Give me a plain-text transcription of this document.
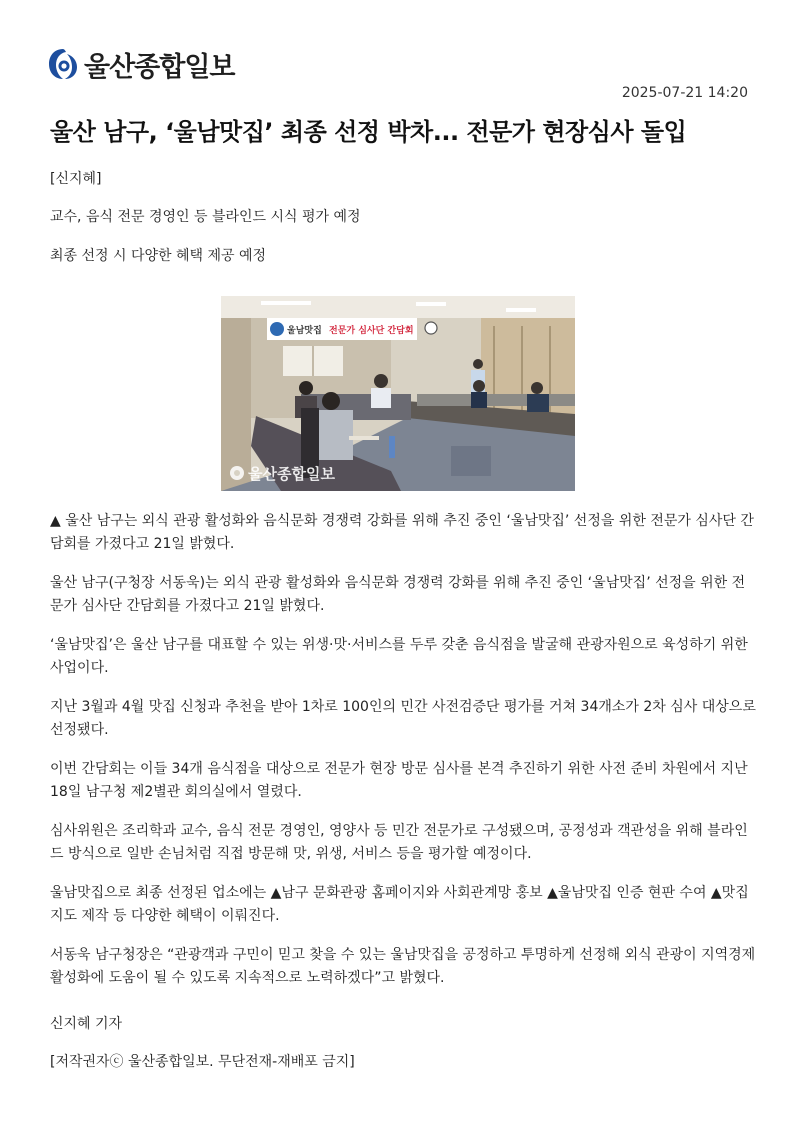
울산종합일보
2025-07-21 14:20
울산 남구, ‘울남맛집’ 최종 선정 박차... 전문가 현장심사 돌입
[신지혜]
교수, 음식 전문 경영인 등 블라인드 시식 평가 예정
최종 선정 시 다양한 혜택 제공 예정
울남맛집 전문가 심사단 간담회
울산종합일보

▲ 울산 남구는 외식 관광 활성화와 음식문화 경쟁력 강화를 위해 추진 중인 ‘울남맛집’ 선정을 위한 전문가 심사단 간담회를 가졌다고 21일 밝혔다.

울산 남구(구청장 서동욱)는 외식 관광 활성화와 음식문화 경쟁력 강화를 위해 추진 중인 ‘울남맛집’ 선정을 위한 전문가 심사단 간담회를 가졌다고 21일 밝혔다.

‘울남맛집’은 울산 남구를 대표할 수 있는 위생·맛·서비스를 두루 갖춘 음식점을 발굴해 관광자원으로 육성하기 위한 사업이다.

지난 3월과 4월 맛집 신청과 추천을 받아 1차로 100인의 민간 사전검증단 평가를 거쳐 34개소가 2차 심사 대상으로 선정됐다.

이번 간담회는 이들 34개 음식점을 대상으로 전문가 현장 방문 심사를 본격 추진하기 위한 사전 준비 차원에서 지난 18일 남구청 제2별관 회의실에서 열렸다.

심사위원은 조리학과 교수, 음식 전문 경영인, 영양사 등 민간 전문가로 구성됐으며, 공정성과 객관성을 위해 블라인드 방식으로 일반 손님처럼 직접 방문해 맛, 위생, 서비스 등을 평가할 예정이다.

울남맛집으로 최종 선정된 업소에는 ▲남구 문화관광 홈페이지와 사회관계망 홍보 ▲울남맛집 인증 현판 수여 ▲맛집 지도 제작 등 다양한 혜택이 이뤄진다.

서동욱 남구청장은 “관광객과 구민이 믿고 찾을 수 있는 울남맛집을 공정하고 투명하게 선정해 외식 관광이 지역경제 활성화에 도움이 될 수 있도록 지속적으로 노력하겠다”고 밝혔다.

신지혜 기자
[저작권자ⓒ 울산종합일보. 무단전재-재배포 금지]
